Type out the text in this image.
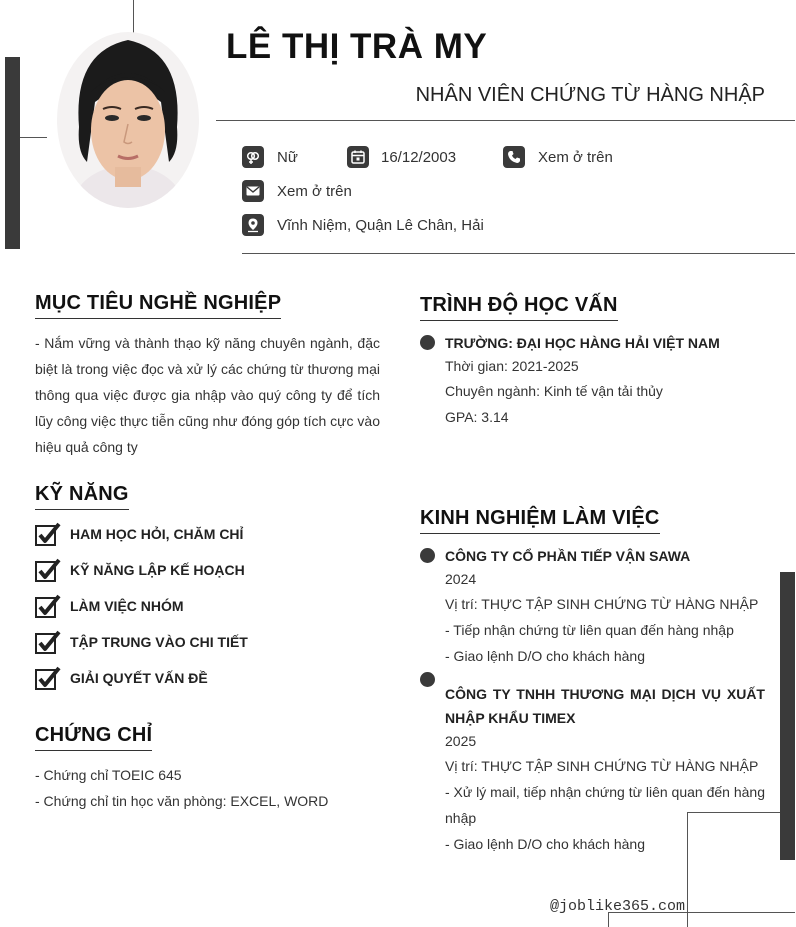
LÊ THỊ TRÀ MY
NHÂN VIÊN CHỨNG TỪ HÀNG NHẬP
Nữ	16/12/2003	Xem ở trên
Xem ở trên
Vĩnh Niệm, Quận Lê Chân, Hải
MỤC TIÊU NGHỀ NGHIỆP
- Nắm vững và thành thạo kỹ năng chuyên ngành, đặc biệt là trong việc đọc và xử lý các chứng từ thương mại thông qua việc được gia nhập vào quý công ty để tích lũy công việc thực tiễn cũng như đóng góp tích cực vào hiệu quả công ty
KỸ NĂNG
HAM HỌC HỎI, CHĂM CHỈ
KỸ NĂNG LẬP KẾ HOẠCH
LÀM VIỆC NHÓM
TẬP TRUNG VÀO CHI TIẾT
GIẢI QUYẾT VẤN ĐỀ
CHỨNG CHỈ
- Chứng chỉ TOEIC 645
- Chứng chỉ tin học văn phòng: EXCEL, WORD
TRÌNH ĐỘ HỌC VẤN
TRƯỜNG: ĐẠI HỌC HÀNG HẢI VIỆT NAM
Thời gian: 2021-2025
Chuyên ngành: Kinh tế vận tải thủy
GPA: 3.14
KINH NGHIỆM LÀM VIỆC
CÔNG TY CỔ PHẦN TIẾP VẬN SAWA
2024
Vị trí: THỰC TẬP SINH CHỨNG TỪ HÀNG NHẬP
- Tiếp nhận chứng từ liên quan đến hàng nhập
- Giao lệnh D/O cho khách hàng
CÔNG TY TNHH THƯƠNG MẠI DỊCH VỤ XUẤT NHẬP KHẨU TIMEX
2025
Vị trí: THỰC TẬP SINH CHỨNG TỪ HÀNG NHẬP
- Xử lý mail, tiếp nhận chứng từ liên quan đến hàng nhập
- Giao lệnh D/O cho khách hàng
@joblike365.com
